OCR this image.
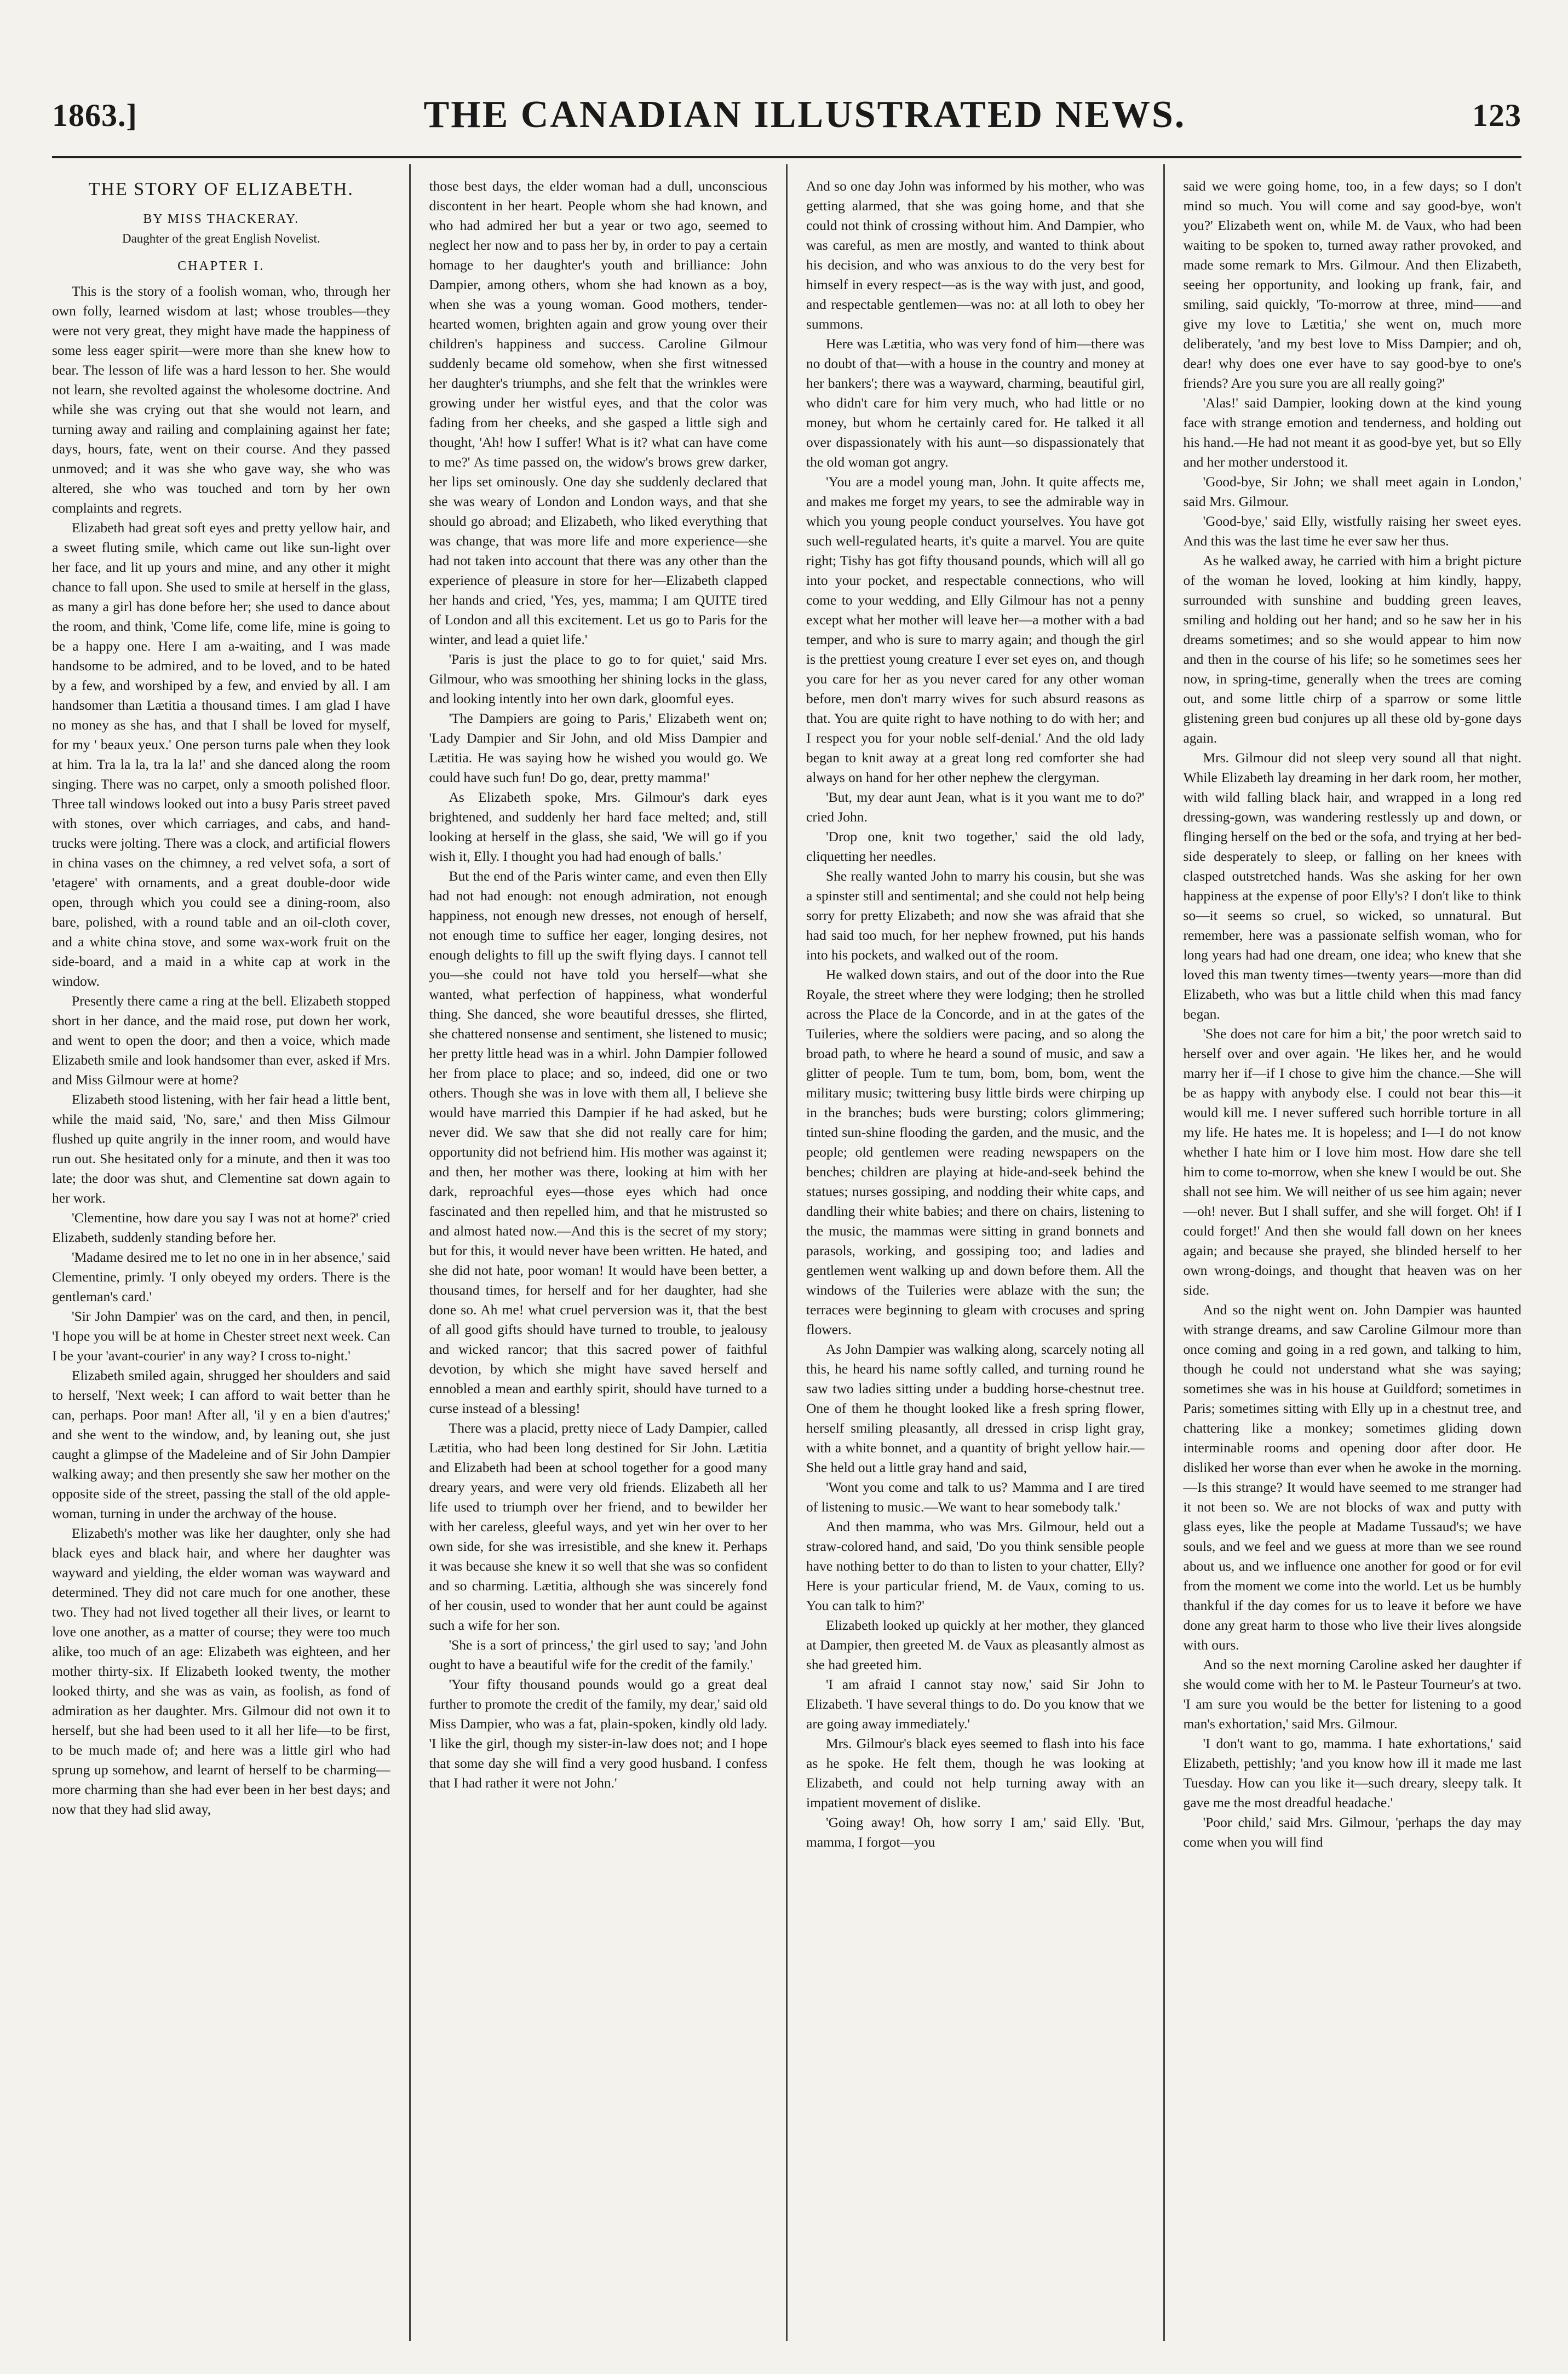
1863.]	THE CANADIAN ILLUSTRATED NEWS.	123
THE STORY OF ELIZABETH.
BY MISS THACKERAY.
Daughter of the great English Novelist.
CHAPTER I.

This is the story of a foolish woman, who, through her own folly, learned wisdom at last; whose troubles—they were not very great, they might have made the happiness of some less eager spirit—were more than she knew how to bear. The lesson of life was a hard lesson to her. She would not learn, she revolted against the wholesome doctrine. And while she was crying out that she would not learn, and turning away and railing and complaining against her fate; days, hours, fate, went on their course. And they passed unmoved; and it was she who gave way, she who was altered, she who was touched and torn by her own complaints and regrets.

Elizabeth had great soft eyes and pretty yellow hair, and a sweet fluting smile, which came out like sun-light over her face, and lit up yours and mine, and any other it might chance to fall upon. She used to smile at herself in the glass, as many a girl has done before her; she used to dance about the room, and think, 'Come life, come life, mine is going to be a happy one. Here I am a-waiting, and I was made handsome to be admired, and to be loved, and to be hated by a few, and worshiped by a few, and envied by all. I am handsomer than Lætitia a thousand times. I am glad I have no money as she has, and that I shall be loved for myself, for my ' beaux yeux.' One person turns pale when they look at him. Tra la la, tra la la!' and she danced along the room singing. There was no carpet, only a smooth polished floor. Three tall windows looked out into a busy Paris street paved with stones, over which carriages, and cabs, and hand-trucks were jolting. There was a clock, and artificial flowers in china vases on the chimney, a red velvet sofa, a sort of 'etagere' with ornaments, and a great double-door wide open, through which you could see a dining-room, also bare, polished, with a round table and an oil-cloth cover, and a white china stove, and some wax-work fruit on the side-board, and a maid in a white cap at work in the window.

Presently there came a ring at the bell. Elizabeth stopped short in her dance, and the maid rose, put down her work, and went to open the door; and then a voice, which made Elizabeth smile and look handsomer than ever, asked if Mrs. and Miss Gilmour were at home?

Elizabeth stood listening, with her fair head a little bent, while the maid said, 'No, sare,' and then Miss Gilmour flushed up quite angrily in the inner room, and would have run out. She hesitated only for a minute, and then it was too late; the door was shut, and Clementine sat down again to her work.

'Clementine, how dare you say I was not at home?' cried Elizabeth, suddenly standing before her.

'Madame desired me to let no one in in her absence,' said Clementine, primly. 'I only obeyed my orders. There is the gentleman's card.'

'Sir John Dampier' was on the card, and then, in pencil, 'I hope you will be at home in Chester street next week. Can I be your 'avant-courier' in any way? I cross to-night.'

Elizabeth smiled again, shrugged her shoulders and said to herself, 'Next week; I can afford to wait better than he can, perhaps. Poor man! After all, 'il y en a bien d'autres;' and she went to the window, and, by leaning out, she just caught a glimpse of the Madeleine and of Sir John Dampier walking away; and then presently she saw her mother on the opposite side of the street, passing the stall of the old apple-woman, turning in under the archway of the house.

Elizabeth's mother was like her daughter, only she had black eyes and black hair, and where her daughter was wayward and yielding, the elder woman was wayward and determined. They did not care much for one another, these two. They had not lived together all their lives, or learnt to love one another, as a matter of course; they were too much alike, too much of an age: Elizabeth was eighteen, and her mother thirty-six. If Elizabeth looked twenty, the mother looked thirty, and she was as vain, as foolish, as fond of admiration as her daughter. Mrs. Gilmour did not own it to herself, but she had been used to it all her life—to be first, to be much made of; and here was a little girl who had sprung up somehow, and learnt of herself to be charming—more charming than she had ever been in her best days; and now that they had slid away,

those best days, the elder woman had a dull, unconscious discontent in her heart. People whom she had known, and who had admired her but a year or two ago, seemed to neglect her now and to pass her by, in order to pay a certain homage to her daughter's youth and brilliance: John Dampier, among others, whom she had known as a boy, when she was a young woman. Good mothers, tender-hearted women, brighten again and grow young over their children's happiness and success. Caroline Gilmour suddenly became old somehow, when she first witnessed her daughter's triumphs, and she felt that the wrinkles were growing under her wistful eyes, and that the color was fading from her cheeks, and she gasped a little sigh and thought, 'Ah! how I suffer! What is it? what can have come to me?' As time passed on, the widow's brows grew darker, her lips set ominously. One day she suddenly declared that she was weary of London and London ways, and that she should go abroad; and Elizabeth, who liked everything that was change, that was more life and more experience—she had not taken into account that there was any other than the experience of pleasure in store for her—Elizabeth clapped her hands and cried, 'Yes, yes, mamma; I am QUITE tired of London and all this excitement. Let us go to Paris for the winter, and lead a quiet life.'

'Paris is just the place to go to for quiet,' said Mrs. Gilmour, who was smoothing her shining locks in the glass, and looking intently into her own dark, gloomful eyes.

'The Dampiers are going to Paris,' Elizabeth went on; 'Lady Dampier and Sir John, and old Miss Dampier and Lætitia. He was saying how he wished you would go. We could have such fun! Do go, dear, pretty mamma!'

As Elizabeth spoke, Mrs. Gilmour's dark eyes brightened, and suddenly her hard face melted; and, still looking at herself in the glass, she said, 'We will go if you wish it, Elly. I thought you had had enough of balls.'

But the end of the Paris winter came, and even then Elly had not had enough: not enough admiration, not enough happiness, not enough new dresses, not enough of herself, not enough time to suffice her eager, longing desires, not enough delights to fill up the swift flying days. I cannot tell you—she could not have told you herself—what she wanted, what perfection of happiness, what wonderful thing. She danced, she wore beautiful dresses, she flirted, she chattered nonsense and sentiment, she listened to music; her pretty little head was in a whirl. John Dampier followed her from place to place; and so, indeed, did one or two others. Though she was in love with them all, I believe she would have married this Dampier if he had asked, but he never did. We saw that she did not really care for him; opportunity did not befriend him. His mother was against it; and then, her mother was there, looking at him with her dark, reproachful eyes—those eyes which had once fascinated and then repelled him, and that he mistrusted so and almost hated now.—And this is the secret of my story; but for this, it would never have been written. He hated, and she did not hate, poor woman! It would have been better, a thousand times, for herself and for her daughter, had she done so. Ah me! what cruel perversion was it, that the best of all good gifts should have turned to trouble, to jealousy and wicked rancor; that this sacred power of faithful devotion, by which she might have saved herself and ennobled a mean and earthly spirit, should have turned to a curse instead of a blessing!

There was a placid, pretty niece of Lady Dampier, called Lætitia, who had been long destined for Sir John. Lætitia and Elizabeth had been at school together for a good many dreary years, and were very old friends. Elizabeth all her life used to triumph over her friend, and to bewilder her with her careless, gleeful ways, and yet win her over to her own side, for she was irresistible, and she knew it. Perhaps it was because she knew it so well that she was so confident and so charming. Lætitia, although she was sincerely fond of her cousin, used to wonder that her aunt could be against such a wife for her son.

'She is a sort of princess,' the girl used to say; 'and John ought to have a beautiful wife for the credit of the family.'

'Your fifty thousand pounds would go a great deal further to promote the credit of the family, my dear,' said old Miss Dampier, who was a fat, plain-spoken, kindly old lady. 'I like the girl, though my sister-in-law does not; and I hope that some day she will find a very good husband. I confess that I had rather it were not John.'

And so one day John was informed by his mother, who was getting alarmed, that she was going home, and that she could not think of crossing without him. And Dampier, who was careful, as men are mostly, and wanted to think about his decision, and who was anxious to do the very best for himself in every respect—as is the way with just, and good, and respectable gentlemen—was no: at all loth to obey her summons.

Here was Lætitia, who was very fond of him—there was no doubt of that—with a house in the country and money at her bankers'; there was a wayward, charming, beautiful girl, who didn't care for him very much, who had little or no money, but whom he certainly cared for. He talked it all over dispassionately with his aunt—so dispassionately that the old woman got angry.

'You are a model young man, John. It quite affects me, and makes me forget my years, to see the admirable way in which you young people conduct yourselves. You have got such well-regulated hearts, it's quite a marvel. You are quite right; Tishy has got fifty thousand pounds, which will all go into your pocket, and respectable connections, who will come to your wedding, and Elly Gilmour has not a penny except what her mother will leave her—a mother with a bad temper, and who is sure to marry again; and though the girl is the prettiest young creature I ever set eyes on, and though you care for her as you never cared for any other woman before, men don't marry wives for such absurd reasons as that. You are quite right to have nothing to do with her; and I respect you for your noble self-denial.' And the old lady began to knit away at a great long red comforter she had always on hand for her other nephew the clergyman.

'But, my dear aunt Jean, what is it you want me to do?' cried John.

'Drop one, knit two together,' said the old lady, cliquetting her needles.

She really wanted John to marry his cousin, but she was a spinster still and sentimental; and she could not help being sorry for pretty Elizabeth; and now she was afraid that she had said too much, for her nephew frowned, put his hands into his pockets, and walked out of the room.

He walked down stairs, and out of the door into the Rue Royale, the street where they were lodging; then he strolled across the Place de la Concorde, and in at the gates of the Tuileries, where the soldiers were pacing, and so along the broad path, to where he heard a sound of music, and saw a glitter of people. Tum te tum, bom, bom, bom, went the military music; twittering busy little birds were chirping up in the branches; buds were bursting; colors glimmering; tinted sun-shine flooding the garden, and the music, and the people; old gentlemen were reading newspapers on the benches; children are playing at hide-and-seek behind the statues; nurses gossiping, and nodding their white caps, and dandling their white babies; and there on chairs, listening to the music, the mammas were sitting in grand bonnets and parasols, working, and gossiping too; and ladies and gentlemen went walking up and down before them. All the windows of the Tuileries were ablaze with the sun; the terraces were beginning to gleam with crocuses and spring flowers.

As John Dampier was walking along, scarcely noting all this, he heard his name softly called, and turning round he saw two ladies sitting under a budding horse-chestnut tree. One of them he thought looked like a fresh spring flower, herself smiling pleasantly, all dressed in crisp light gray, with a white bonnet, and a quantity of bright yellow hair.—She held out a little gray hand and said,

'Wont you come and talk to us? Mamma and I are tired of listening to music.—We want to hear somebody talk.'

And then mamma, who was Mrs. Gilmour, held out a straw-colored hand, and said, 'Do you think sensible people have nothing better to do than to listen to your chatter, Elly? Here is your particular friend, M. de Vaux, coming to us. You can talk to him?'

Elizabeth looked up quickly at her mother, they glanced at Dampier, then greeted M. de Vaux as pleasantly almost as she had greeted him.

'I am afraid I cannot stay now,' said Sir John to Elizabeth. 'I have several things to do. Do you know that we are going away immediately.'

Mrs. Gilmour's black eyes seemed to flash into his face as he spoke. He felt them, though he was looking at Elizabeth, and could not help turning away with an impatient movement of dislike.

'Going away! Oh, how sorry I am,' said Elly. 'But, mamma, I forgot—you

said we were going home, too, in a few days; so I don't mind so much. You will come and say good-bye, won't you?' Elizabeth went on, while M. de Vaux, who had been waiting to be spoken to, turned away rather provoked, and made some remark to Mrs. Gilmour. And then Elizabeth, seeing her opportunity, and looking up frank, fair, and smiling, said quickly, 'To-morrow at three, mind——and give my love to Lætitia,' she went on, much more deliberately, 'and my best love to Miss Dampier; and oh, dear! why does one ever have to say good-bye to one's friends? Are you sure you are all really going?'

'Alas!' said Dampier, looking down at the kind young face with strange emotion and tenderness, and holding out his hand.—He had not meant it as good-bye yet, but so Elly and her mother understood it.

'Good-bye, Sir John; we shall meet again in London,' said Mrs. Gilmour.

'Good-bye,' said Elly, wistfully raising her sweet eyes. And this was the last time he ever saw her thus.

As he walked away, he carried with him a bright picture of the woman he loved, looking at him kindly, happy, surrounded with sunshine and budding green leaves, smiling and holding out her hand; and so he saw her in his dreams sometimes; and so she would appear to him now and then in the course of his life; so he sometimes sees her now, in spring-time, generally when the trees are coming out, and some little chirp of a sparrow or some little glistening green bud conjures up all these old by-gone days again.

Mrs. Gilmour did not sleep very sound all that night. While Elizabeth lay dreaming in her dark room, her mother, with wild falling black hair, and wrapped in a long red dressing-gown, was wandering restlessly up and down, or flinging herself on the bed or the sofa, and trying at her bed-side desperately to sleep, or falling on her knees with clasped outstretched hands. Was she asking for her own happiness at the expense of poor Elly's? I don't like to think so—it seems so cruel, so wicked, so unnatural. But remember, here was a passionate selfish woman, who for long years had had one dream, one idea; who knew that she loved this man twenty times—twenty years—more than did Elizabeth, who was but a little child when this mad fancy began.

'She does not care for him a bit,' the poor wretch said to herself over and over again. 'He likes her, and he would marry her if—if I chose to give him the chance.—She will be as happy with anybody else. I could not bear this—it would kill me. I never suffered such horrible torture in all my life. He hates me. It is hopeless; and I—I do not know whether I hate him or I love him most. How dare she tell him to come to-morrow, when she knew I would be out. She shall not see him. We will neither of us see him again; never—oh! never. But I shall suffer, and she will forget. Oh! if I could forget!' And then she would fall down on her knees again; and because she prayed, she blinded herself to her own wrong-doings, and thought that heaven was on her side.

And so the night went on. John Dampier was haunted with strange dreams, and saw Caroline Gilmour more than once coming and going in a red gown, and talking to him, though he could not understand what she was saying; sometimes she was in his house at Guildford; sometimes in Paris; sometimes sitting with Elly up in a chestnut tree, and chattering like a monkey; sometimes gliding down interminable rooms and opening door after door. He disliked her worse than ever when he awoke in the morning.—Is this strange? It would have seemed to me stranger had it not been so. We are not blocks of wax and putty with glass eyes, like the people at Madame Tussaud's; we have souls, and we feel and we guess at more than we see round about us, and we influence one another for good or for evil from the moment we come into the world. Let us be humbly thankful if the day comes for us to leave it before we have done any great harm to those who live their lives alongside with ours.

And so the next morning Caroline asked her daughter if she would come with her to M. le Pasteur Tourneur's at two. 'I am sure you would be the better for listening to a good man's exhortation,' said Mrs. Gilmour.

'I don't want to go, mamma. I hate exhortations,' said Elizabeth, pettishly; 'and you know how ill it made me last Tuesday. How can you like it—such dreary, sleepy talk. It gave me the most dreadful headache.'

'Poor child,' said Mrs. Gilmour, 'perhaps the day may come when you will find
